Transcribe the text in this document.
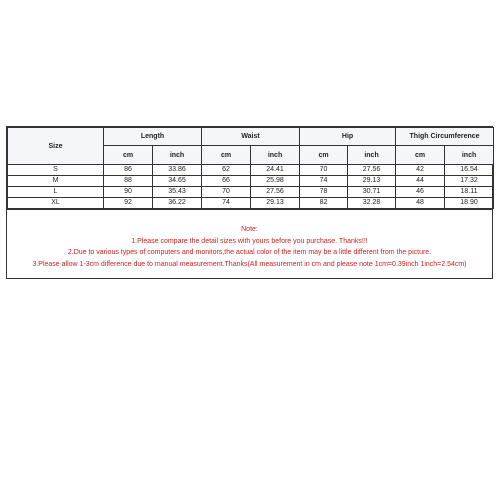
Size	Length		Waist		Hip		Thigh Circumference	
	cm	inch	cm	inch	cm	inch	cm	inch
S	86	33.86	62	24.41	70	27.56	42	16.54
M	88	34.65	66	25.98	74	29.13	44	17.32
L	90	35.43	70	27.56	78	30.71	46	18.11
XL	92	36.22	74	29.13	82	32.28	48	18.90
Note:
1.Please compare the detail sizes with yours before you purchase. Thanks!!!
2.Due to various types of computers and monitors,the actual color of the item may be a little different from the picture.
3.Please allow 1-3cm difference due to manual measurement.Thanks(All measurement in cm and please note 1cm=0.39inch 1inch=2.54cm)
